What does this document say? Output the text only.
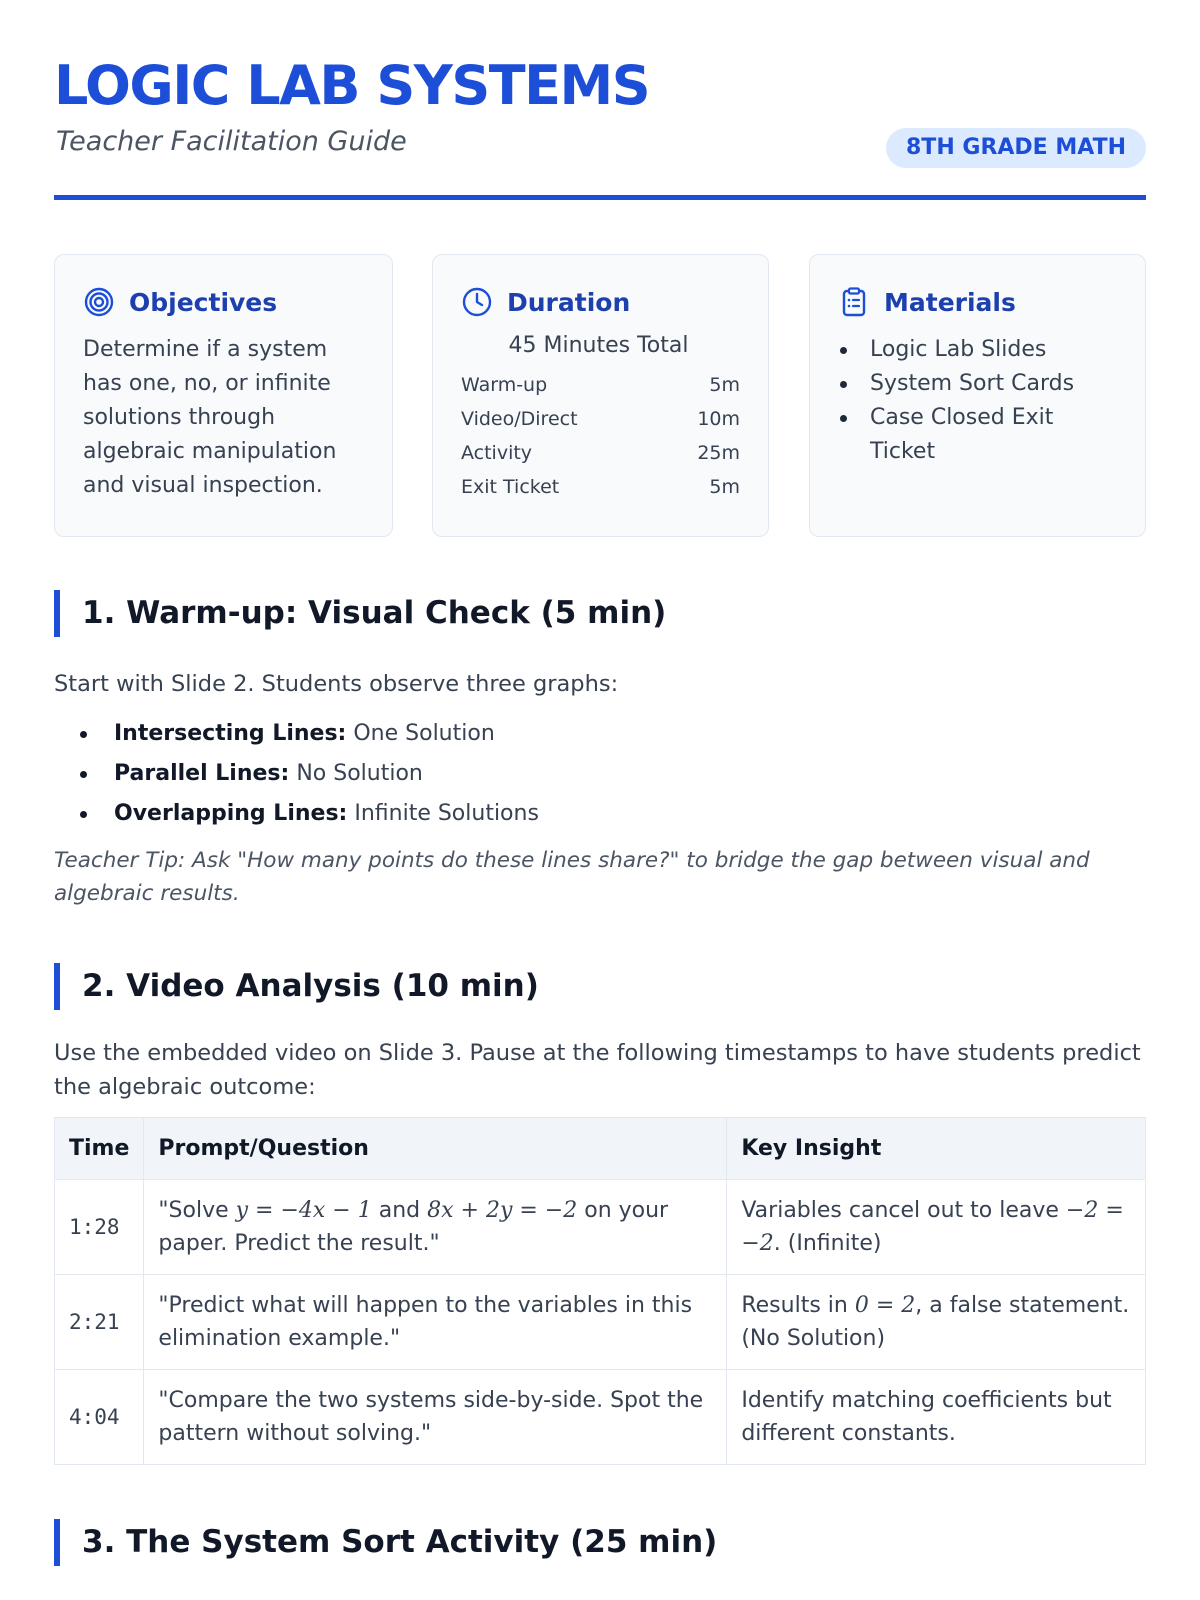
LOGIC LAB SYSTEMS
Teacher Facilitation Guide	8TH GRADE MATH
Objectives
Determine if a system has one, no, or infinite solutions through algebraic manipulation and visual inspection.
Duration
45 Minutes Total
Warm-up	5m
Video/Direct	10m
Activity	25m
Exit Ticket	5m
Materials
Logic Lab Slides
System Sort Cards
Case Closed Exit Ticket
1. Warm-up: Visual Check (5 min)
Start with Slide 2. Students observe three graphs:
Intersecting Lines: One Solution
Parallel Lines: No Solution
Overlapping Lines: Infinite Solutions
Teacher Tip: Ask "How many points do these lines share?" to bridge the gap between visual and algebraic results.
2. Video Analysis (10 min)
Use the embedded video on Slide 3. Pause at the following timestamps to have students predict the algebraic outcome:
Time	Prompt/Question	Key Insight
1:28	"Solve y = −4x − 1 and 8x + 2y = −2 on your paper. Predict the result."	Variables cancel out to leave −2 = −2. (Infinite)
2:21	"Predict what will happen to the variables in this elimination example."	Results in 0 = 2, a false statement. (No Solution)
4:04	"Compare the two systems side-by-side. Spot the pattern without solving."	Identify matching coefficients but different constants.
3. The System Sort Activity (25 min)
